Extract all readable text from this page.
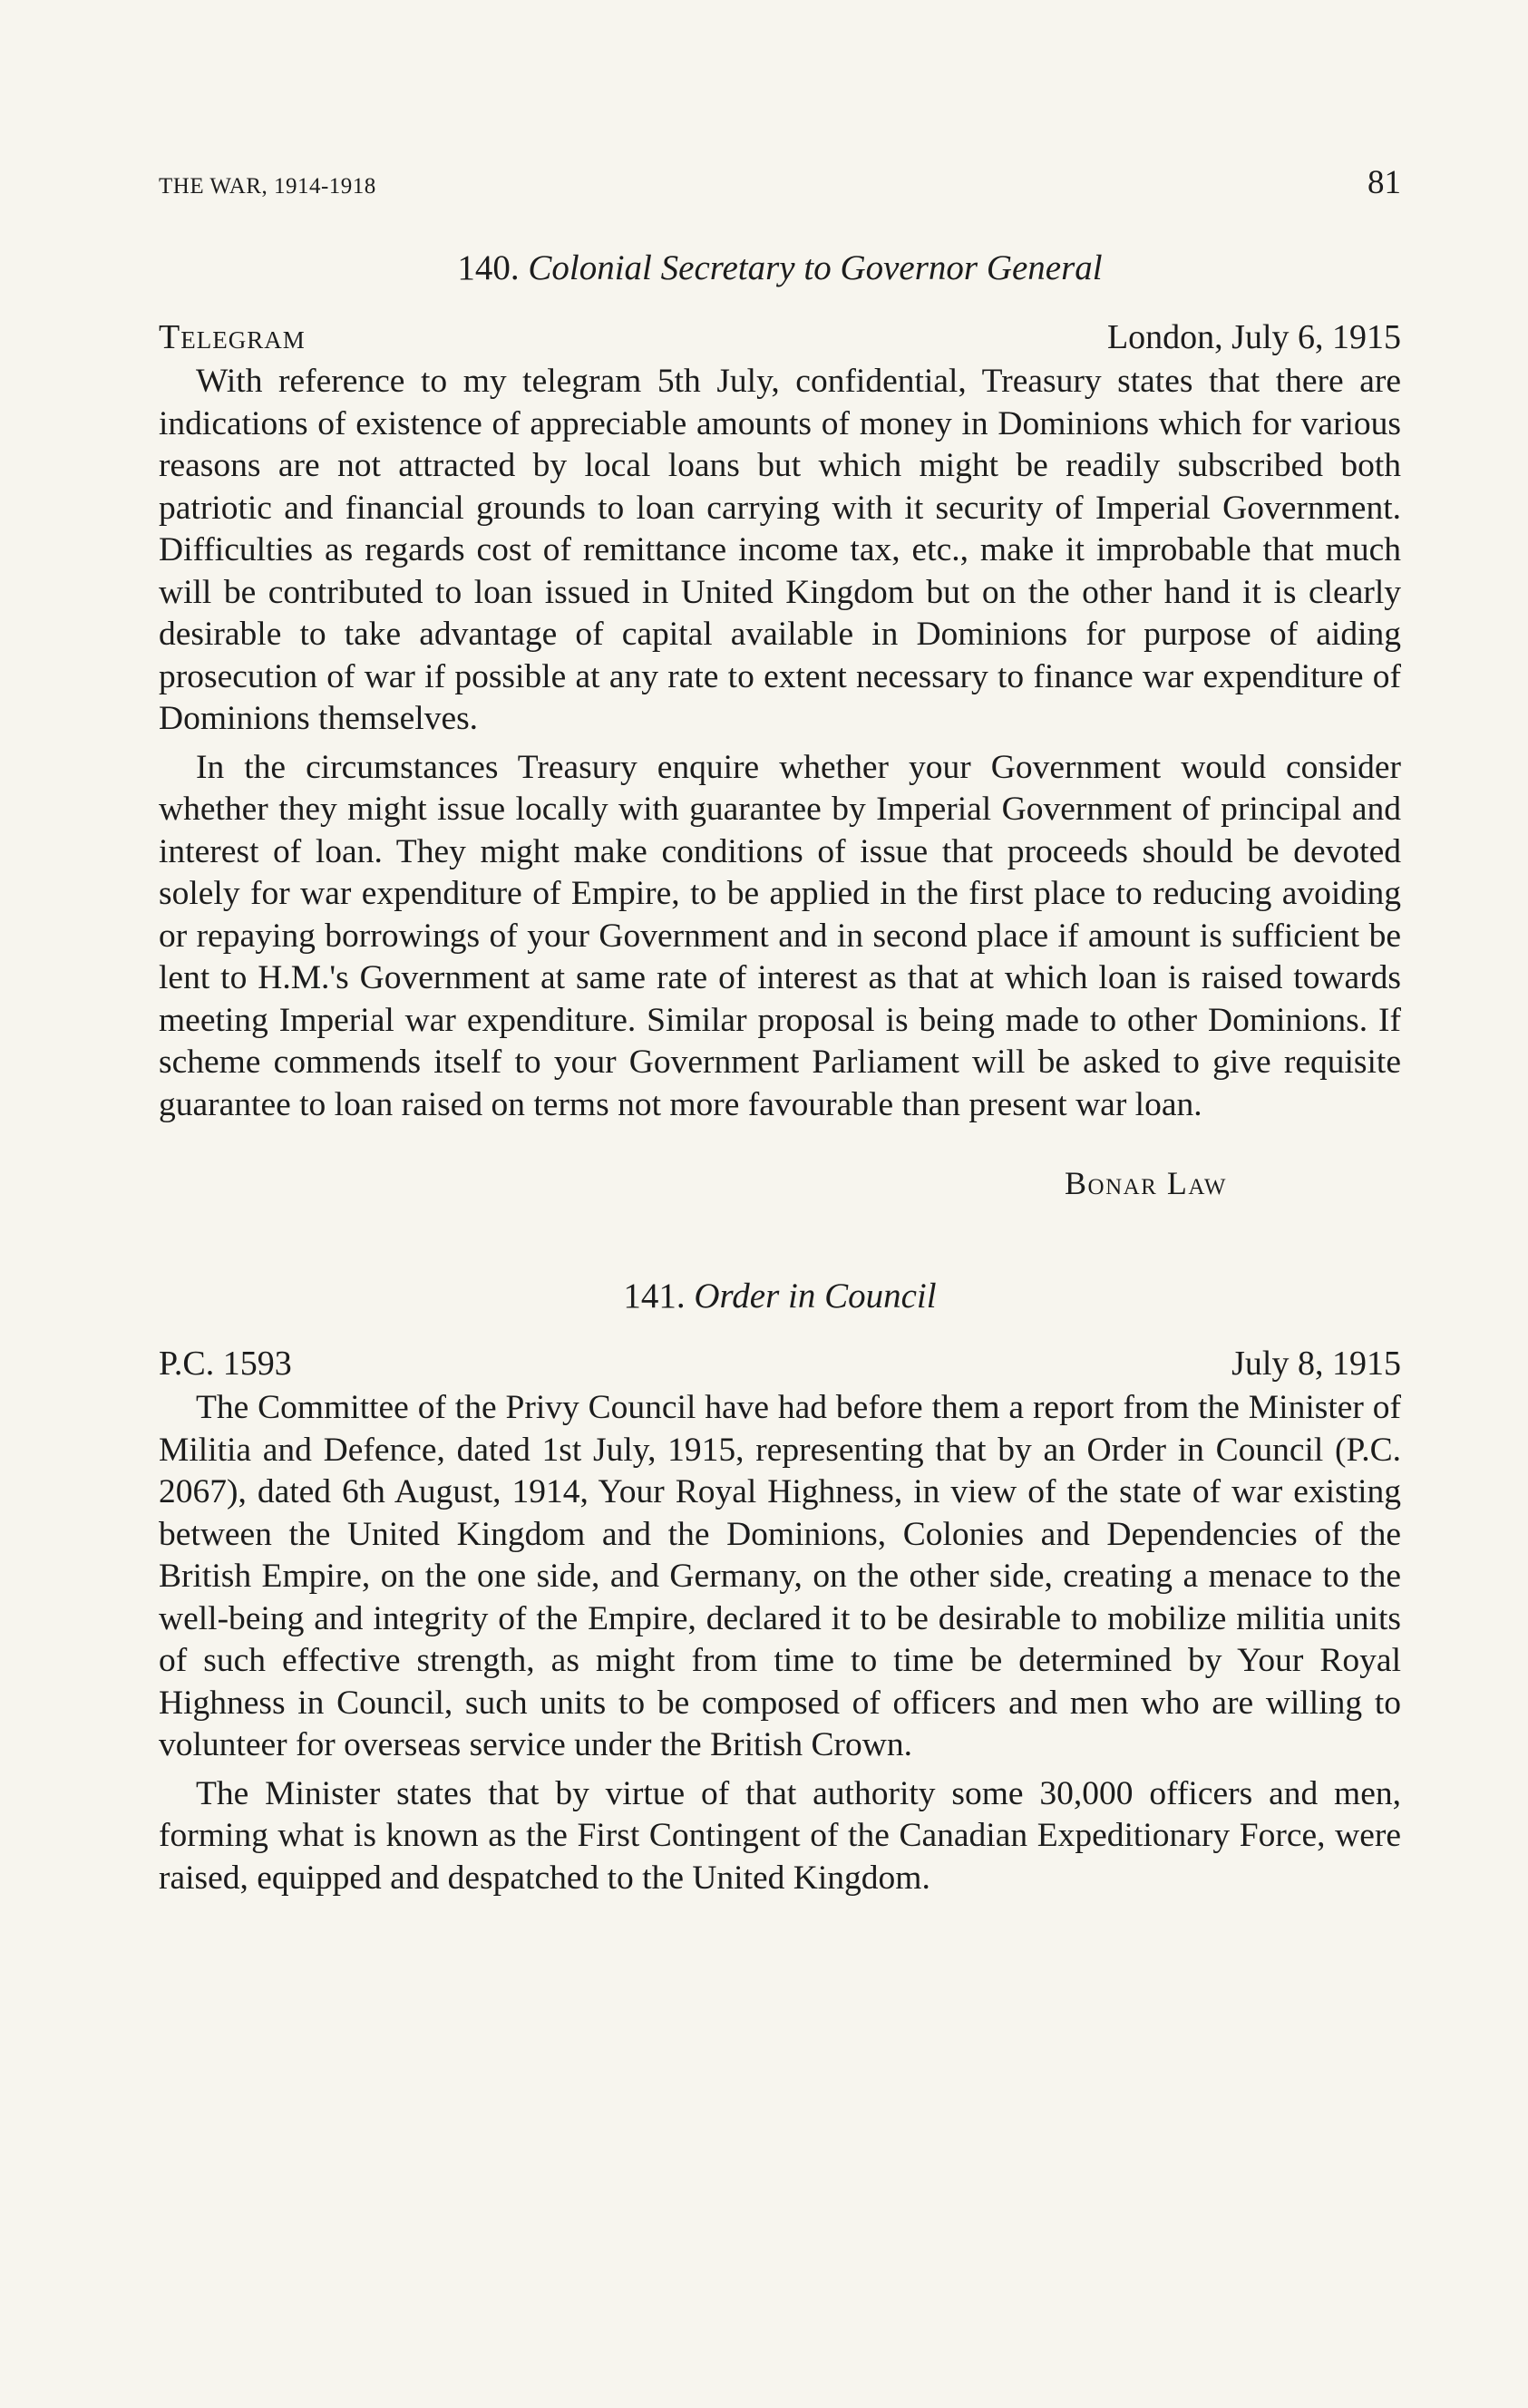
THE WAR, 1914-1918	81
140. Colonial Secretary to Governor General
Telegram	London, July 6, 1915

With reference to my telegram 5th July, confidential, Treasury states that there are indications of existence of appreciable amounts of money in Dominions which for various reasons are not attracted by local loans but which might be readily subscribed both patriotic and financial grounds to loan carrying with it security of Imperial Government. Difficulties as regards cost of remittance income tax, etc., make it improbable that much will be contributed to loan issued in United Kingdom but on the other hand it is clearly desirable to take advantage of capital available in Dominions for purpose of aiding prosecution of war if possible at any rate to extent necessary to finance war expenditure of Dominions themselves.

In the circumstances Treasury enquire whether your Government would consider whether they might issue locally with guarantee by Imperial Government of principal and interest of loan. They might make conditions of issue that proceeds should be devoted solely for war expenditure of Empire, to be applied in the first place to reducing avoiding or repaying borrowings of your Government and in second place if amount is sufficient be lent to H.M.'s Government at same rate of interest as that at which loan is raised towards meeting Imperial war expenditure. Similar proposal is being made to other Dominions. If scheme commends itself to your Government Parliament will be asked to give requisite guarantee to loan raised on terms not more favourable than present war loan.

Bonar Law
141. Order in Council
P.C. 1593	July 8, 1915

The Committee of the Privy Council have had before them a report from the Minister of Militia and Defence, dated 1st July, 1915, representing that by an Order in Council (P.C. 2067), dated 6th August, 1914, Your Royal Highness, in view of the state of war existing between the United Kingdom and the Dominions, Colonies and Dependencies of the British Empire, on the one side, and Germany, on the other side, creating a menace to the well-being and integrity of the Empire, declared it to be desirable to mobilize militia units of such effective strength, as might from time to time be determined by Your Royal Highness in Council, such units to be composed of officers and men who are willing to volunteer for overseas service under the British Crown.

The Minister states that by virtue of that authority some 30,000 officers and men, forming what is known as the First Contingent of the Canadian Expeditionary Force, were raised, equipped and despatched to the United Kingdom.
